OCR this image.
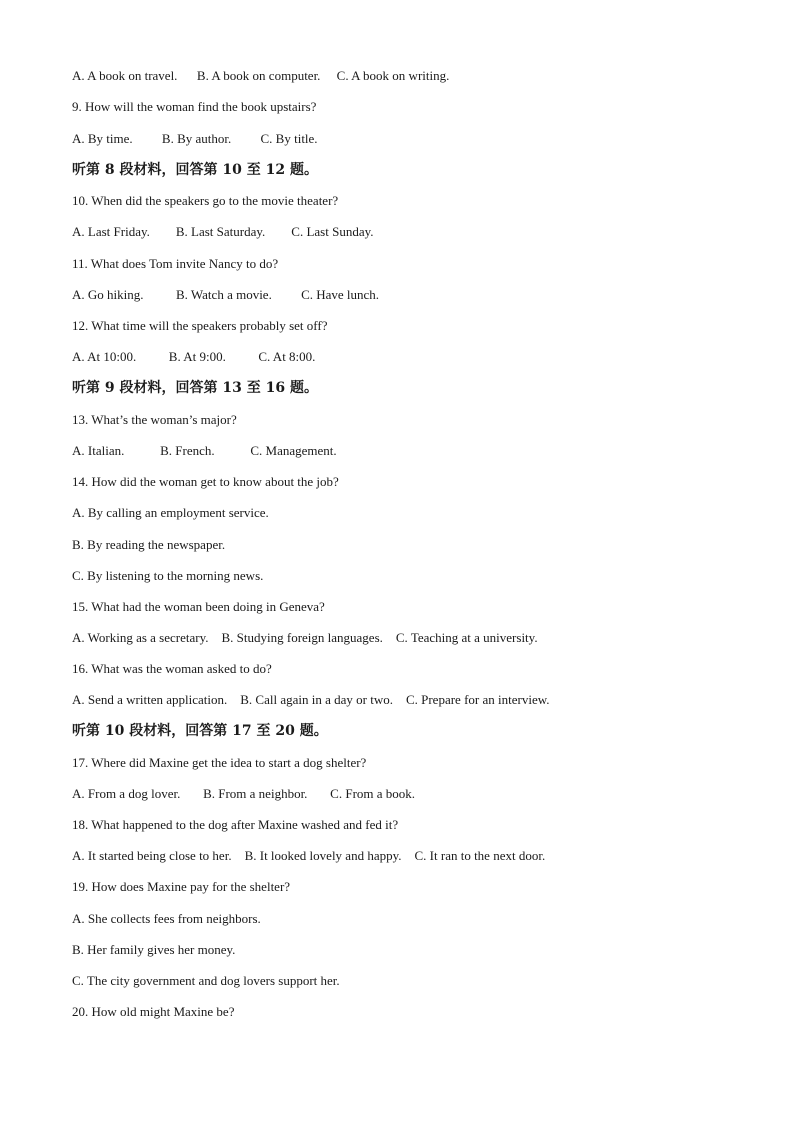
A. A book on travel.      B. A book on computer.     C. A book on writing.
9. How will the woman find the book upstairs?
A. By time.         B. By author.         C. By title.
听第 8 段材料，回答第 10 至 12 题。
10. When did the speakers go to the movie theater?
A. Last Friday.        B. Last Saturday.        C. Last Sunday.
11. What does Tom invite Nancy to do?
A. Go hiking.          B. Watch a movie.         C. Have lunch.
12. What time will the speakers probably set off?
A. At 10:00.          B. At 9:00.          C. At 8:00.
听第 9 段材料，回答第 13 至 16 题。
13. What’s the woman’s major?
A. Italian.           B. French.           C. Management.
14. How did the woman get to know about the job?
A. By calling an employment service.
B. By reading the newspaper.
C. By listening to the morning news.
15. What had the woman been doing in Geneva?
A. Working as a secretary.    B. Studying foreign languages.    C. Teaching at a university.
16. What was the woman asked to do?
A. Send a written application.    B. Call again in a day or two.    C. Prepare for an interview.
听第 10 段材料，回答第 17 至 20 题。
17. Where did Maxine get the idea to start a dog shelter?
A. From a dog lover.       B. From a neighbor.       C. From a book.
18. What happened to the dog after Maxine washed and fed it?
A. It started being close to her.    B. It looked lovely and happy.    C. It ran to the next door.
19. How does Maxine pay for the shelter?
A. She collects fees from neighbors.
B. Her family gives her money.
C. The city government and dog lovers support her.
20. How old might Maxine be?
